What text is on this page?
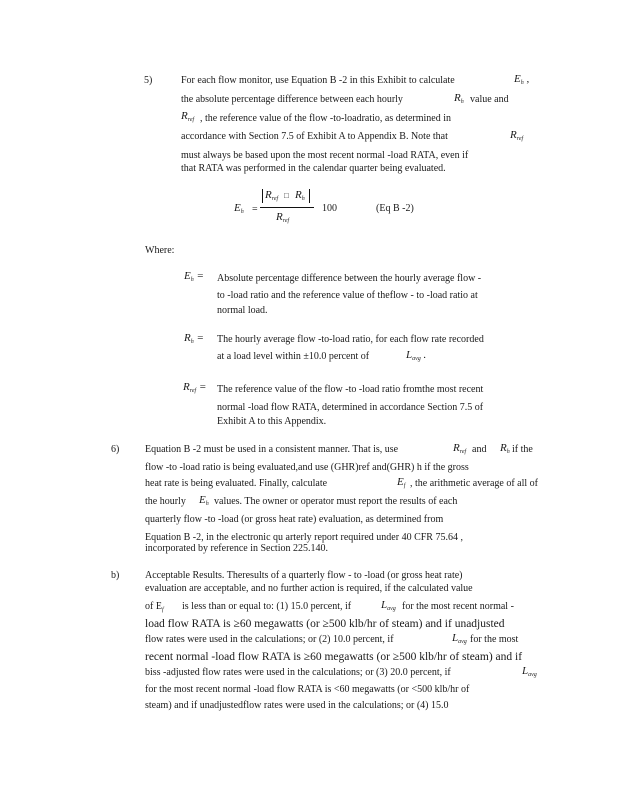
5)	For each flow monitor, use Equation B -2 in this Exhibit to calculate	$E_h$ ,
the absolute percentage difference between each hourly	$R_h$ value and
$R_{ref}$ , the reference value of the flow -to-loadratio, as determined in
accordance with Section 7.5 of Exhibit A to Appendix B. Note that	$R_{ref}$
must always be based upon the most recent normal -load RATA, even if
that RATA was performed in the calendar quarter being evaluated.
$E_h$ =
$R_{ref}$ □ $R_h$
$R_{ref}$
100	(Eq B -2)
Where:
$E_h$ = Absolute percentage difference between the hourly average flow -
to -load ratio and the reference value of theflow - to -load ratio at
normal load.
$R_h$ = The hourly average flow -to-load ratio, for each flow rate recorded
at a load level within ±10.0 percent of	$L_{avg}$ .
$R_{ref}$ = The reference value of the flow -to -load ratio fromthe most recent
normal -load flow RATA, determined in accordance Section 7.5 of
Exhibit A to this Appendix.
6)	Equation B -2 must be used in a consistent manner. That is, use	$R_{ref}$ and $R_h$ if the
flow -to -load ratio is being evaluated,and use (GHR)ref and(GHR) h if the gross
heat rate is being evaluated. Finally, calculate	$E_f$ , the arithmetic average of all of
the hourly $E_h$ values. The owner or operator must report the results of each
quarterly flow -to -load (or gross heat rate) evaluation, as determined from
Equation B -2, in the electronic qu arterly report required under 40 CFR 75.64 ,
incorporated by reference in Section 225.140.
b)	Acceptable Results. Theresults of a quarterly flow - to -load (or gross heat rate)
evaluation are acceptable, and no further action is required, if the calculated value
of $E_f$ is less than or equal to: (1) 15.0 percent, if	$L_{avg}$ for the most recent normal -
load flow RATA is ≥60 megawatts (or ≥500 klb/hr of steam) and if unadjusted
flow rates were used in the calculations; or (2) 10.0 percent, if	$L_{avg}$ for the most
recent normal -load flow RATA is ≥60 megawatts (or ≥500 klb/hr of steam) and if
biss -adjusted flow rates were used in the calculations; or (3) 20.0 percent, if	$L_{avg}$
for the most recent normal -load flow RATA is <60 megawatts (or <500 klb/hr of
steam) and if unadjustedflow rates were used in the calculations; or (4) 15.0
